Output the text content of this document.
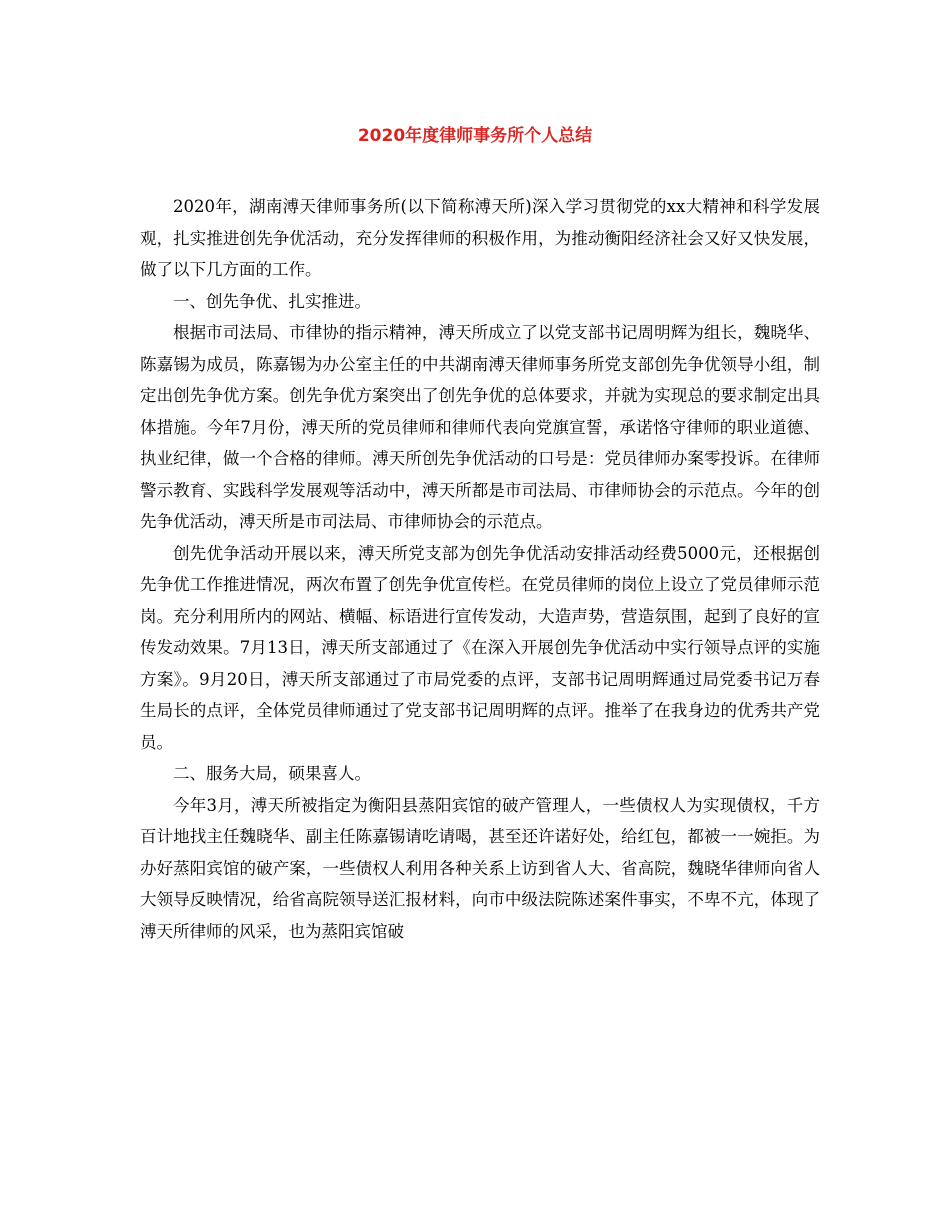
2020年度律师事务所个人总结

2020年，湖南溥天律师事务所(以下简称溥天所)深入学习贯彻党的xx大精神和科学发展观，扎实推进创先争优活动，充分发挥律师的积极作用，为推动衡阳经济社会又好又快发展，做了以下几方面的工作。

一、创先争优、扎实推进。

根据市司法局、市律协的指示精神，溥天所成立了以党支部书记周明辉为组长，魏晓华、陈嘉锡为成员，陈嘉锡为办公室主任的中共湖南溥天律师事务所党支部创先争优领导小组，制定出创先争优方案。创先争优方案突出了创先争优的总体要求，并就为实现总的要求制定出具体措施。今年7月份，溥天所的党员律师和律师代表向党旗宣誓，承诺恪守律师的职业道德、执业纪律，做一个合格的律师。溥天所创先争优活动的口号是：党员律师办案零投诉。在律师警示教育、实践科学发展观等活动中，溥天所都是市司法局、市律师协会的示范点。今年的创先争优活动，溥天所是市司法局、市律师协会的示范点。

创先优争活动开展以来，溥天所党支部为创先争优活动安排活动经费5000元，还根据创先争优工作推进情况，两次布置了创先争优宣传栏。在党员律师的岗位上设立了党员律师示范岗。充分利用所内的网站、横幅、标语进行宣传发动，大造声势，营造氛围，起到了良好的宣传发动效果。7月13日，溥天所支部通过了《在深入开展创先争优活动中实行领导点评的实施方案》。9月20日，溥天所支部通过了市局党委的点评，支部书记周明辉通过局党委书记万春生局长的点评，全体党员律师通过了党支部书记周明辉的点评。推举了在我身边的优秀共产党员。

二、服务大局，硕果喜人。

今年3月，溥天所被指定为衡阳县蒸阳宾馆的破产管理人，一些债权人为实现债权，千方百计地找主任魏晓华、副主任陈嘉锡请吃请喝，甚至还许诺好处，给红包，都被一一婉拒。为办好蒸阳宾馆的破产案，一些债权人利用各种关系上访到省人大、省高院，魏晓华律师向省人大领导反映情况，给省高院领导送汇报材料，向市中级法院陈述案件事实，不卑不亢，体现了溥天所律师的风采，也为蒸阳宾馆破
